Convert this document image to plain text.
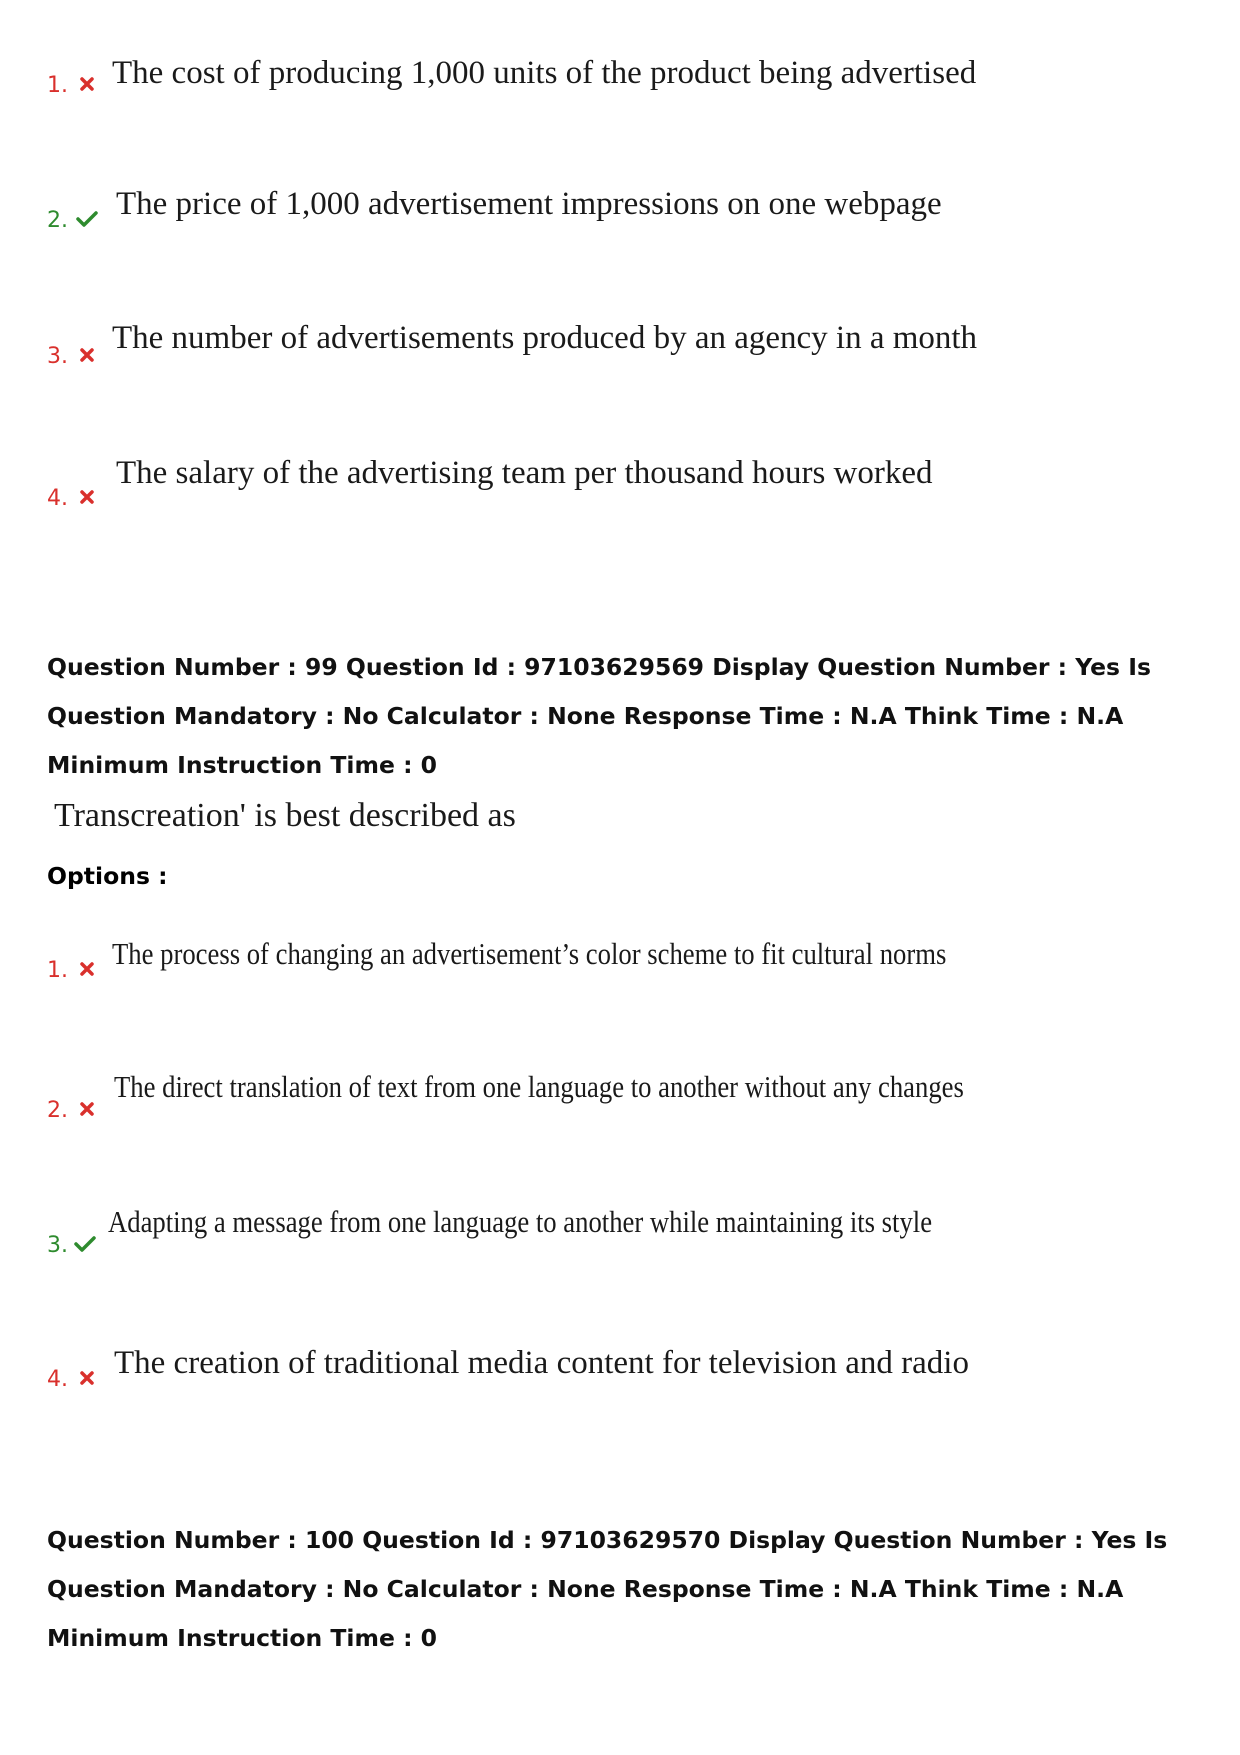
1. The cost of producing 1,000 units of the product being advertised
2. The price of 1,000 advertisement impressions on one webpage
3.
The number of advertisements produced by an agency in a month
4.
The salary of the advertising team per thousand hours worked
Question Number : 99 Question Id : 97103629569 Display Question Number : Yes Is Question Mandatory : No Calculator : None Response Time : N.A Think Time : N.A Minimum Instruction Time : 0
Transcreation' is best described as
Options :
1. The process of changing an advertisement’s color scheme to fit cultural norms
2.
The direct translation of text from one language to another without any changes
3.
Adapting a message from one language to another while maintaining its style
4. The creation of traditional media content for television and radio
Question Number : 100 Question Id : 97103629570 Display Question Number : Yes Is Question Mandatory : No Calculator : None Response Time : N.A Think Time : N.A Minimum Instruction Time : 0
